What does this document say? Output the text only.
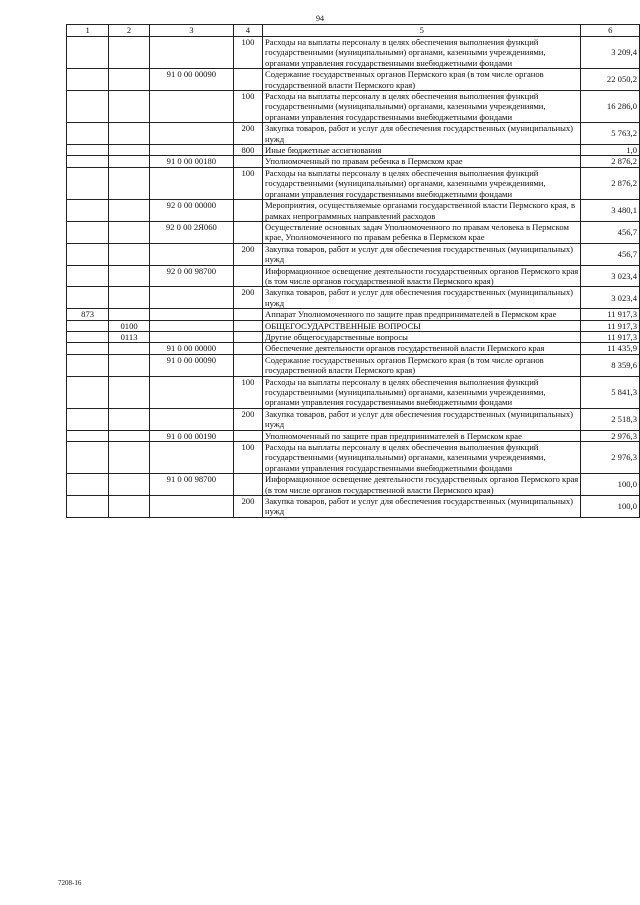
94
1	2	3	4	5	6
			100	Расходы на выплаты персоналу в целях обеспечения выполнения функций государственными (муниципальными) органами, казенными учреждениями, органами управления государственными внебюджетными фондами	3 209,4
		91 0 00 00090		Содержание государственных органов Пермского края (в том числе органов государственной власти Пермского края)	22 050,2
			100	Расходы на выплаты персоналу в целях обеспечения выполнения функций государственными (муниципальными) органами, казенными учреждениями, органами управления государственными внебюджетными фондами	16 286,0
			200	Закупка товаров, работ и услуг для обеспечения государственных (муниципальных) нужд	5 763,2
			800	Иные бюджетные ассигнования	1,0
		91 0 00 00180		Уполномоченный по правам ребенка в Пермском крае	2 876,2
			100	Расходы на выплаты персоналу в целях обеспечения выполнения функций государственными (муниципальными) органами, казенными учреждениями, органами управления государственными внебюджетными фондами	2 876,2
		92 0 00 00000		Мероприятия, осуществляемые органами государственной власти Пермского края, в рамках непрограммных направлений расходов	3 480,1
		92 0 00 2Я060		Осуществление основных задач Уполномоченного по правам человека в Пермском крае, Уполномоченного по правам ребенка в Пермском крае	456,7
			200	Закупка товаров, работ и услуг для обеспечения государственных (муниципальных) нужд	456,7
		92 0 00 98700		Информационное освещение деятельности государственных органов Пермского края (в том числе органов государственной власти Пермского края)	3 023,4
			200	Закупка товаров, работ и услуг для обеспечения государственных (муниципальных) нужд	3 023,4
873				Аппарат Уполномоченного по защите прав предпринимателей в Пермском крае	11 917,3
	0100			ОБЩЕГОСУДАРСТВЕННЫЕ ВОПРОСЫ	11 917,3
	0113			Другие общегосударственные вопросы	11 917,3
		91 0 00 00000		Обеспечение деятельности органов государственной власти Пермского края	11 435,9
		91 0 00 00090		Содержание государственных органов Пермского края (в том числе органов государственной власти Пермского края)	8 359,6
			100	Расходы на выплаты персоналу в целях обеспечения выполнения функций государственными (муниципальными) органами, казенными учреждениями, органами управления государственными внебюджетными фондами	5 841,3
			200	Закупка товаров, работ и услуг для обеспечения государственных (муниципальных) нужд	2 518,3
		91 0 00 00190		Уполномоченный по защите прав предпринимателей в Пермском крае	2 976,3
			100	Расходы на выплаты персоналу в целях обеспечения выполнения функций государственными (муниципальными) органами, казенными учреждениями, органами управления государственными внебюджетными фондами	2 976,3
		91 0 00 98700		Информационное освещение деятельности государственных органов Пермского края (в том числе органов государственной власти Пермского края)	100,0
			200	Закупка товаров, работ и услуг для обеспечения государственных (муниципальных) нужд	100,0
7208-16
